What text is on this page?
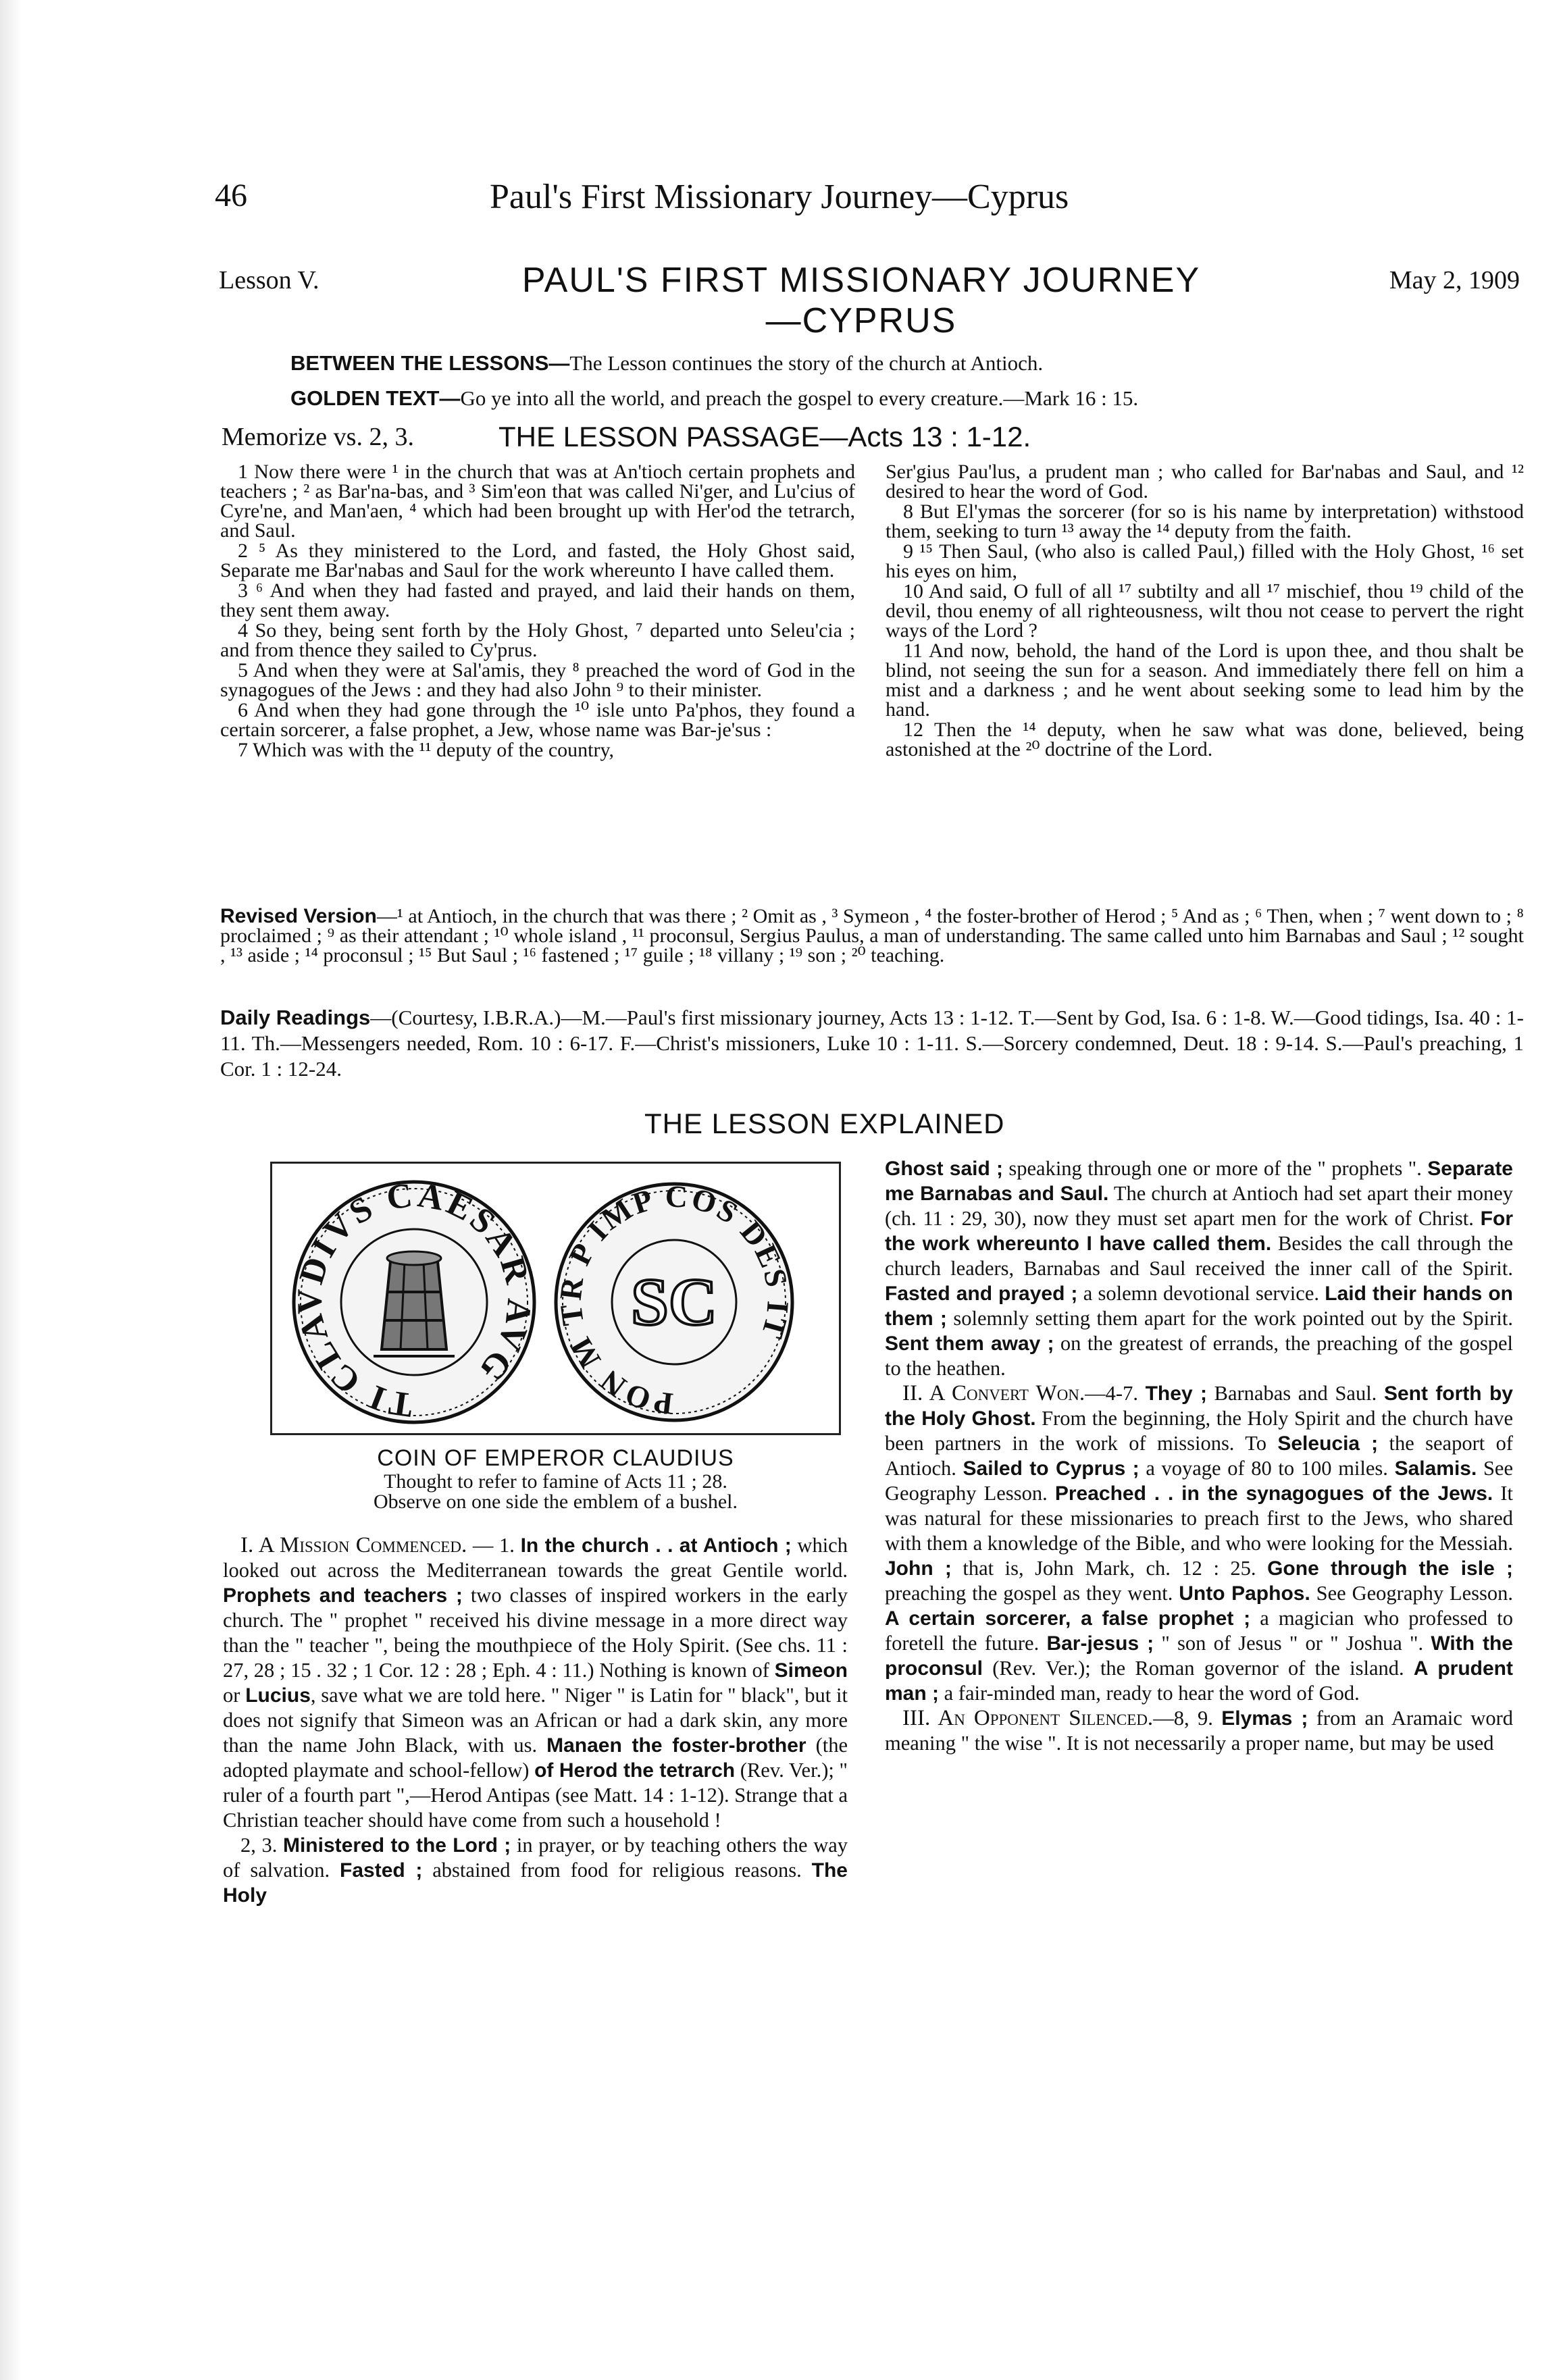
46	Paul's First Missionary Journey—Cyprus
Lesson V.	PAUL'S FIRST MISSIONARY JOURNEY
—CYPRUS
May 2, 1909
BETWEEN THE LESSONS—The Lesson continues the story of the church at Antioch.
GOLDEN TEXT—Go ye into all the world, and preach the gospel to every creature.—Mark 16 : 15.
Memorize vs. 2, 3.	THE LESSON PASSAGE—Acts 13 : 1-12.

1 Now there were ¹ in the church that was at An'tioch certain prophets and teachers ; ² as Bar'na-bas, and ³ Sim'eon that was called Ni'ger, and Lu'cius of Cyre'ne, and Man'aen, ⁴ which had been brought up with Her'od the tetrarch, and Saul.

2 ⁵ As they ministered to the Lord, and fasted, the Holy Ghost said, Separate me Bar'nabas and Saul for the work whereunto I have called them.

3 ⁶ And when they had fasted and prayed, and laid their hands on them, they sent them away.

4 So they, being sent forth by the Holy Ghost, ⁷ departed unto Seleu'cia ; and from thence they sailed to Cy'prus.

5 And when they were at Sal'amis, they ⁸ preached the word of God in the synagogues of the Jews : and they had also John ⁹ to their minister.

6 And when they had gone through the ¹⁰ isle unto Pa'phos, they found a certain sorcerer, a false prophet, a Jew, whose name was Bar-je'sus :

7 Which was with the ¹¹ deputy of the country,

Ser'gius Pau'lus, a prudent man ; who called for Bar'nabas and Saul, and ¹² desired to hear the word of God.

8 But El'ymas the sorcerer (for so is his name by interpretation) withstood them, seeking to turn ¹³ away the ¹⁴ deputy from the faith.

9 ¹⁵ Then Saul, (who also is called Paul,) filled with the Holy Ghost, ¹⁶ set his eyes on him,

10 And said, O full of all ¹⁷ subtilty and all ¹⁷ mischief, thou ¹⁹ child of the devil, thou enemy of all righteousness, wilt thou not cease to pervert the right ways of the Lord ?

11 And now, behold, the hand of the Lord is upon thee, and thou shalt be blind, not seeing the sun for a season. And immediately there fell on him a mist and a darkness ; and he went about seeking some to lead him by the hand.

12 Then the ¹⁴ deputy, when he saw what was done, believed, being astonished at the ²⁰ doctrine of the Lord.

Revised Version—¹ at Antioch, in the church that was there ; ² Omit as , ³ Symeon , ⁴ the foster-brother of Herod ; ⁵ And as ; ⁶ Then, when ; ⁷ went down to ; ⁸ proclaimed ; ⁹ as their attendant ; ¹⁰ whole island , ¹¹ proconsul, Sergius Paulus, a man of understanding. The same called unto him Barnabas and Saul ; ¹² sought , ¹³ aside ; ¹⁴ proconsul ; ¹⁵ But Saul ; ¹⁶ fastened ; ¹⁷ guile ; ¹⁸ villany ; ¹⁹ son ; ²⁰ teaching.
Daily Readings—(Courtesy, I.B.R.A.)—M.—Paul's first missionary journey, Acts 13 : 1-12. T.—Sent by God, Isa. 6 : 1-8. W.—Good tidings, Isa. 40 : 1-11. Th.—Messengers needed, Rom. 10 : 6-17. F.—Christ's missioners, Luke 10 : 1-11. S.—Sorcery condemned, Deut. 18 : 9-14. S.—Paul's preaching, 1 Cor. 1 : 12-24.
THE LESSON EXPLAINED
TI CLAVDIVS CAESAR AVG
PON M TR P IMP COS DES IT
SC
COIN OF EMPEROR CLAUDIUS
Thought to refer to famine of Acts 11 ; 28.
Observe on one side the emblem of a bushel.

I. A Mission Commenced. — 1. In the church . . at Antioch ; which looked out across the Mediterranean towards the great Gentile world. Prophets and teachers ; two classes of inspired workers in the early church. The " prophet " received his divine message in a more direct way than the " teacher ", being the mouthpiece of the Holy Spirit. (See chs. 11 : 27, 28 ; 15 . 32 ; 1 Cor. 12 : 28 ; Eph. 4 : 11.) Nothing is known of Simeon or Lucius, save what we are told here. " Niger " is Latin for " black", but it does not signify that Simeon was an African or had a dark skin, any more than the name John Black, with us. Manaen the foster-brother (the adopted playmate and school-fellow) of Herod the tetrarch (Rev. Ver.); " ruler of a fourth part ",—Herod Antipas (see Matt. 14 : 1-12). Strange that a Christian teacher should have come from such a household !

2, 3. Ministered to the Lord ; in prayer, or by teaching others the way of salvation. Fasted ; abstained from food for religious reasons. The Holy

Ghost said ; speaking through one or more of the " prophets ". Separate me Barnabas and Saul. The church at Antioch had set apart their money (ch. 11 : 29, 30), now they must set apart men for the work of Christ. For the work whereunto I have called them. Besides the call through the church leaders, Barnabas and Saul received the inner call of the Spirit. Fasted and prayed ; a solemn devotional service. Laid their hands on them ; solemnly setting them apart for the work pointed out by the Spirit. Sent them away ; on the greatest of errands, the preaching of the gospel to the heathen.

II. A Convert Won.—4-7. They ; Barnabas and Saul. Sent forth by the Holy Ghost. From the beginning, the Holy Spirit and the church have been partners in the work of missions. To Seleucia ; the seaport of Antioch. Sailed to Cyprus ; a voyage of 80 to 100 miles. Salamis. See Geography Lesson. Preached . . in the synagogues of the Jews. It was natural for these missionaries to preach first to the Jews, who shared with them a knowledge of the Bible, and who were looking for the Messiah. John ; that is, John Mark, ch. 12 : 25. Gone through the isle ; preaching the gospel as they went. Unto Paphos. See Geography Lesson. A certain sorcerer, a false prophet ; a magician who professed to foretell the future. Bar-jesus ; " son of Jesus " or " Joshua ". With the proconsul (Rev. Ver.); the Roman governor of the island. A prudent man ; a fair-minded man, ready to hear the word of God.

III. An Opponent Silenced.—8, 9. Elymas ; from an Aramaic word meaning " the wise ". It is not necessarily a proper name, but may be used
